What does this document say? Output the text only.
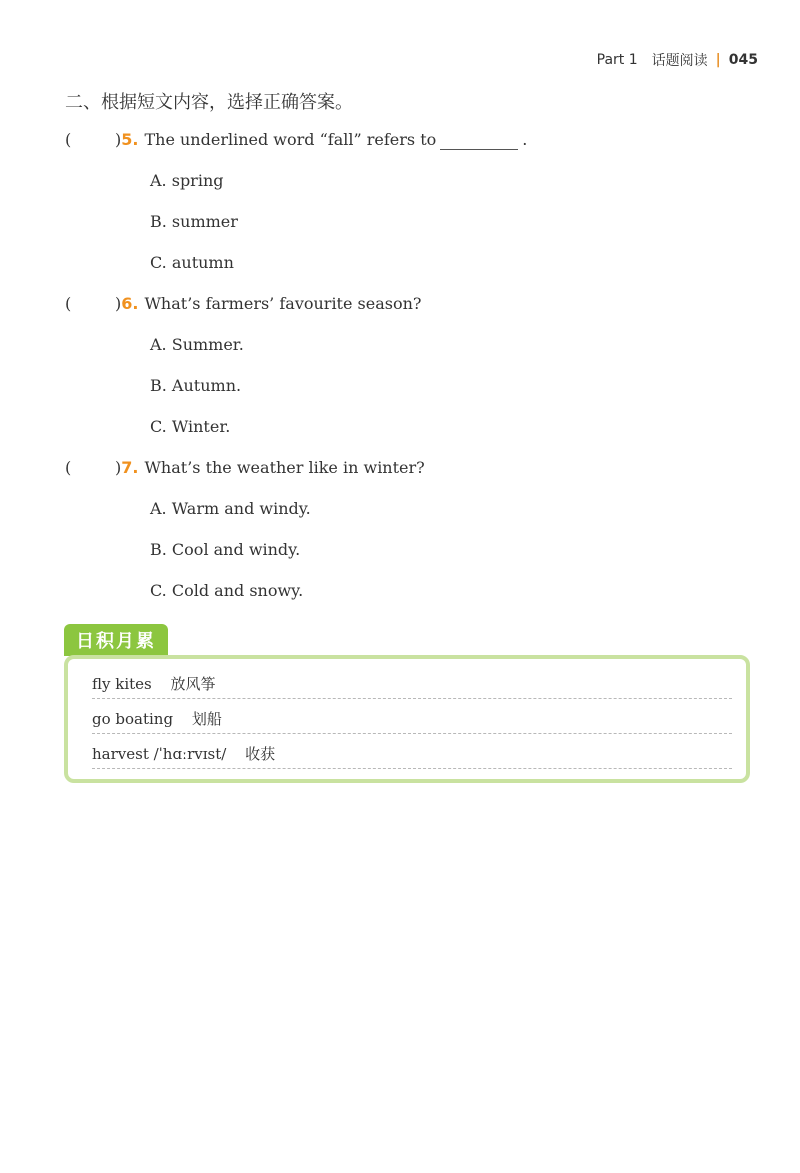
Part 1 话题阅读 | 045
二、根据短文内容，选择正确答案。
(	) 5. The underlined word “fall” refers to
	.
A. spring
B. summer
C. autumn
(	) 6. What’s farmers’ favourite season?
A. Summer.
B. Autumn.
C. Winter.
(	) 7. What’s the weather like in winter?
A. Warm and windy.
B. Cool and windy.
C. Cold and snowy.
日积月累
fly kites 放风筝
go boating 划船
harvest /ˈhɑːrvɪst/ 收获
